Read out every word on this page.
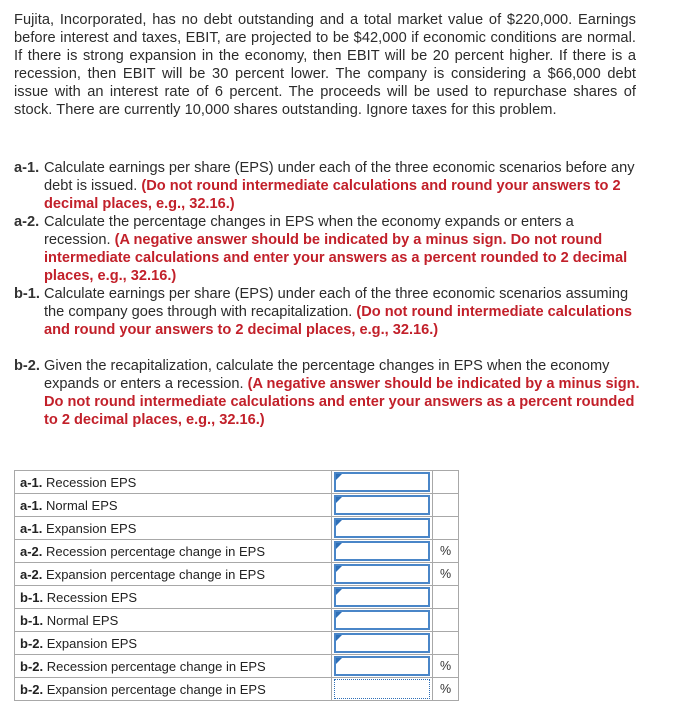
Fujita, Incorporated, has no debt outstanding and a total market value of $220,000. Earnings before interest and taxes, EBIT, are projected to be $42,000 if economic conditions are normal. If there is strong expansion in the economy, then EBIT will be 20 percent higher. If there is a recession, then EBIT will be 30 percent lower. The company is considering a $66,000 debt issue with an interest rate of 6 percent. The proceeds will be used to repurchase shares of stock. There are currently 10,000 shares outstanding. Ignore taxes for this problem.
a-1. Calculate earnings per share (EPS) under each of the three economic scenarios before any debt is issued. (Do not round intermediate calculations and round your answers to 2 decimal places, e.g., 32.16.)
a-2. Calculate the percentage changes in EPS when the economy expands or enters a recession. (A negative answer should be indicated by a minus sign. Do not round intermediate calculations and enter your answers as a percent rounded to 2 decimal places, e.g., 32.16.)
b-1. Calculate earnings per share (EPS) under each of the three economic scenarios assuming the company goes through with recapitalization. (Do not round intermediate calculations and round your answers to 2 decimal places, e.g., 32.16.)
b-2. Given the recapitalization, calculate the percentage changes in EPS when the economy expands or enters a recession. (A negative answer should be indicated by a minus sign. Do not round intermediate calculations and enter your answers as a percent rounded to 2 decimal places, e.g., 32.16.)
a-1. Recession EPS	

a-1. Normal EPS	

a-1. Expansion EPS	

a-2. Recession percentage change in EPS		%
a-2. Expansion percentage change in EPS		%
b-1. Recession EPS	

b-1. Normal EPS	

b-2. Expansion EPS	

b-2. Recession percentage change in EPS		%
b-2. Expansion percentage change in EPS		%
